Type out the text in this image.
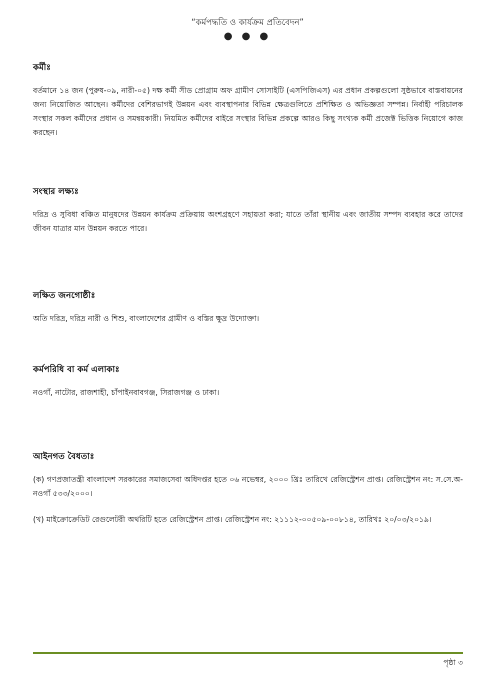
“কর্মপদ্ধতি ও কার্যক্রম প্রতিবেদন”
● ● ●

কর্মীঃ

বর্তমানে ১৪ জন (পুরুষ-০৯, নারী-০৫) দক্ষ কর্মী সীড প্রোগ্রাম অফ গ্রামীণ সোসাইটি (এসপিজিএস) এর প্রধান প্রকল্পগুলো সুষ্ঠভাবে বাস্তবায়নের জন্য নিয়োজিত আছেন। কর্মীদের বেশিরভাগই উন্নয়ন এবং ব্যবস্থাপনার বিভিন্ন ক্ষেত্রগুলিতে প্রশিক্ষিত ও অভিজ্ঞতা সম্পন্ন। নির্বাহী পরিচালক সংস্থার সকল কর্মীদের প্রধান ও সমন্বয়কারী। নিয়মিত কর্মীদের বাইরে সংস্থার বিভিন্ন প্রকল্পে আরও কিছু সংখ্যক কর্মী প্রজেক্ট ভিত্তিক নিয়োগে কাজ করছেন।

সংস্থার লক্ষ্যঃ

দরিদ্র ও সুবিধা বঞ্চিত মানুষদের উন্নয়ন কার্যক্রম প্রক্রিয়ায় অংশগ্রহণে সহায়তা করা; যাতে তাঁরা স্থানীয় এবং জাতীয় সম্পদ ব্যবহার করে তাদের জীবন যাত্রার মান উন্নয়ন করতে পারে।

লক্ষিত জনগোষ্ঠীঃ

অতি দরিদ্র, দরিদ্র নারী ও শিশু, বাংলাদেশের গ্রামীণ ও বস্তির ক্ষুদ্র উদ্যোক্তা।

কর্মপরিধি বা কর্ম এলাকাঃ

নওগাঁ, নাটোর, রাজশাহী, চাঁপাইনবাবগঞ্জ, সিরাজগঞ্জ ও ঢাকা।

আইনগত বৈধতাঃ

(ক) গণপ্রজাতন্ত্রী বাংলাদেশ সরকারের সমাজসেবা অধিদপ্তর হতে ০৬ নভেম্বর, ২০০০ খ্রিঃ তারিখে রেজিস্ট্রেশন প্রাপ্ত। রেজিস্ট্রেশন নং: স.সে.অ-নওগাঁ ৫৩৩/২০০০।

(খ) মাইক্রোক্রেডিট রেগুলেটরী অথরিটি হতে রেজিস্ট্রেশন প্রাপ্ত। রেজিস্ট্রেশন নং: ২১১১২-০০৫০৯-০০৮১৪, তারিখঃ ২০/০৩/২০১৯।

পৃষ্ঠা ৩
